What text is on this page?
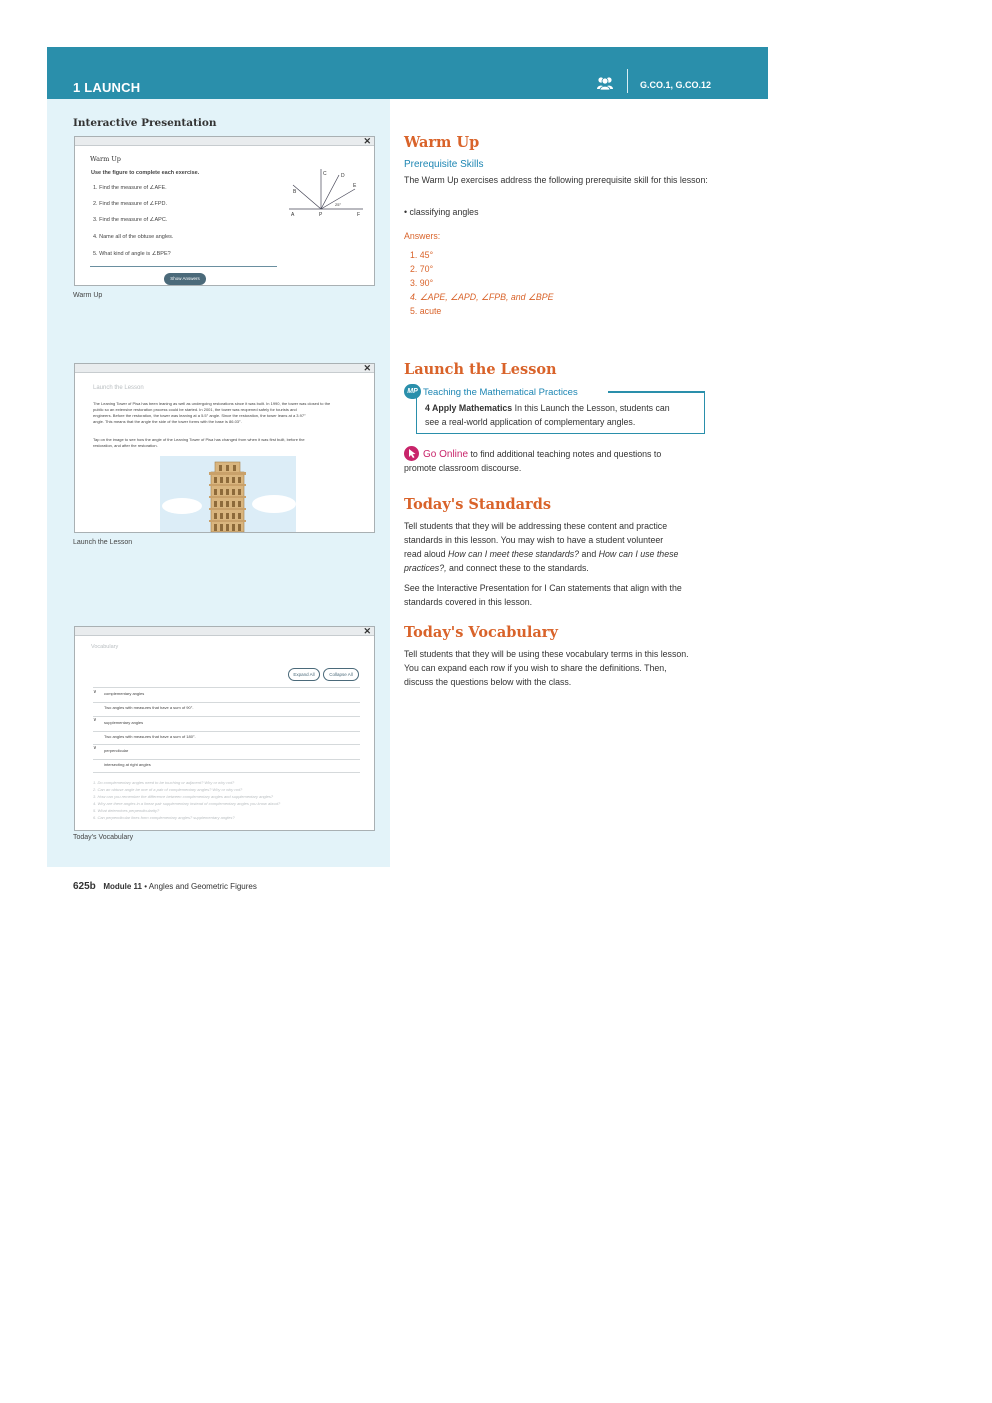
1 LAUNCH	G.CO.1, G.CO.12
Interactive Presentation
✕
Warm Up
Use the figure to complete each exercise.
1. Find the measure of ∠AFE.
2. Find the measure of ∠FPD.
3. Find the measure of ∠APC.
4. Name all of the obtuse angles.
5. What kind of angle is ∠BPE?
Show Answers
C	D
E
B
A	P	F
25°
Warm Up
✕
Launch the Lesson
The Leaning Tower of Pisa has been leaning as well as undergoing restorations since it was built. In 1990, the tower was closed to the
public so an extensive restoration process could be started. In 2001, the tower was reopened safely for tourists and
engineers. Before the restoration, the tower was leaning at a 5.5° angle. Since the restoration, the tower leans at a 3.97°
angle. This means that the angle the side of the tower forms with the base is 86.03°.
Tap on the image to see how the angle of the Leaning Tower of Pisa has changed from when it was first built, before the
restoration, and after the restoration.
Launch the Lesson
✕
Vocabulary
Expand All	Collapse All
∨ complementary angles
Two angles with measures that have a sum of 90°.
∨ supplementary angles
Two angles with measures that have a sum of 180°.
∨ perpendicular
intersecting at right angles
1. Do complementary angles need to be touching or adjacent? Why or why not?
2. Can an obtuse angle be one of a pair of complementary angles? Why or why not?
3. How can you remember the difference between complementary angles and supplementary angles?
4. Why are there angles in a linear pair supplementary instead of complementary angles you know about?
5. What determines perpendicularity?
6. Can perpendicular lines form complementary angles? supplementary angles?
Today's Vocabulary
Warm Up
Prerequisite Skills
The Warm Up exercises address the following prerequisite skill for this lesson:
• classifying angles
Answers:
1. 45°
2. 70°
3. 90°
4. ∠APE, ∠APD, ∠FPB, and ∠BPE
5. acute
Launch the Lesson
MP Teaching the Mathematical Practices
4 Apply Mathematics In this Launch the Lesson, students can
see a real-world application of complementary angles.
Go Online to find additional teaching notes and questions to
promote classroom discourse.
Today's Standards
Tell students that they will be addressing these content and practice
standards in this lesson. You may wish to have a student volunteer
read aloud How can I meet these standards? and How can I use these
practices?, and connect these to the standards.
See the Interactive Presentation for I Can statements that align with the
standards covered in this lesson.
Today's Vocabulary
Tell students that they will be using these vocabulary terms in this lesson.
You can expand each row if you wish to share the definitions. Then,
discuss the questions below with the class.
625b Module 11 • Angles and Geometric Figures
